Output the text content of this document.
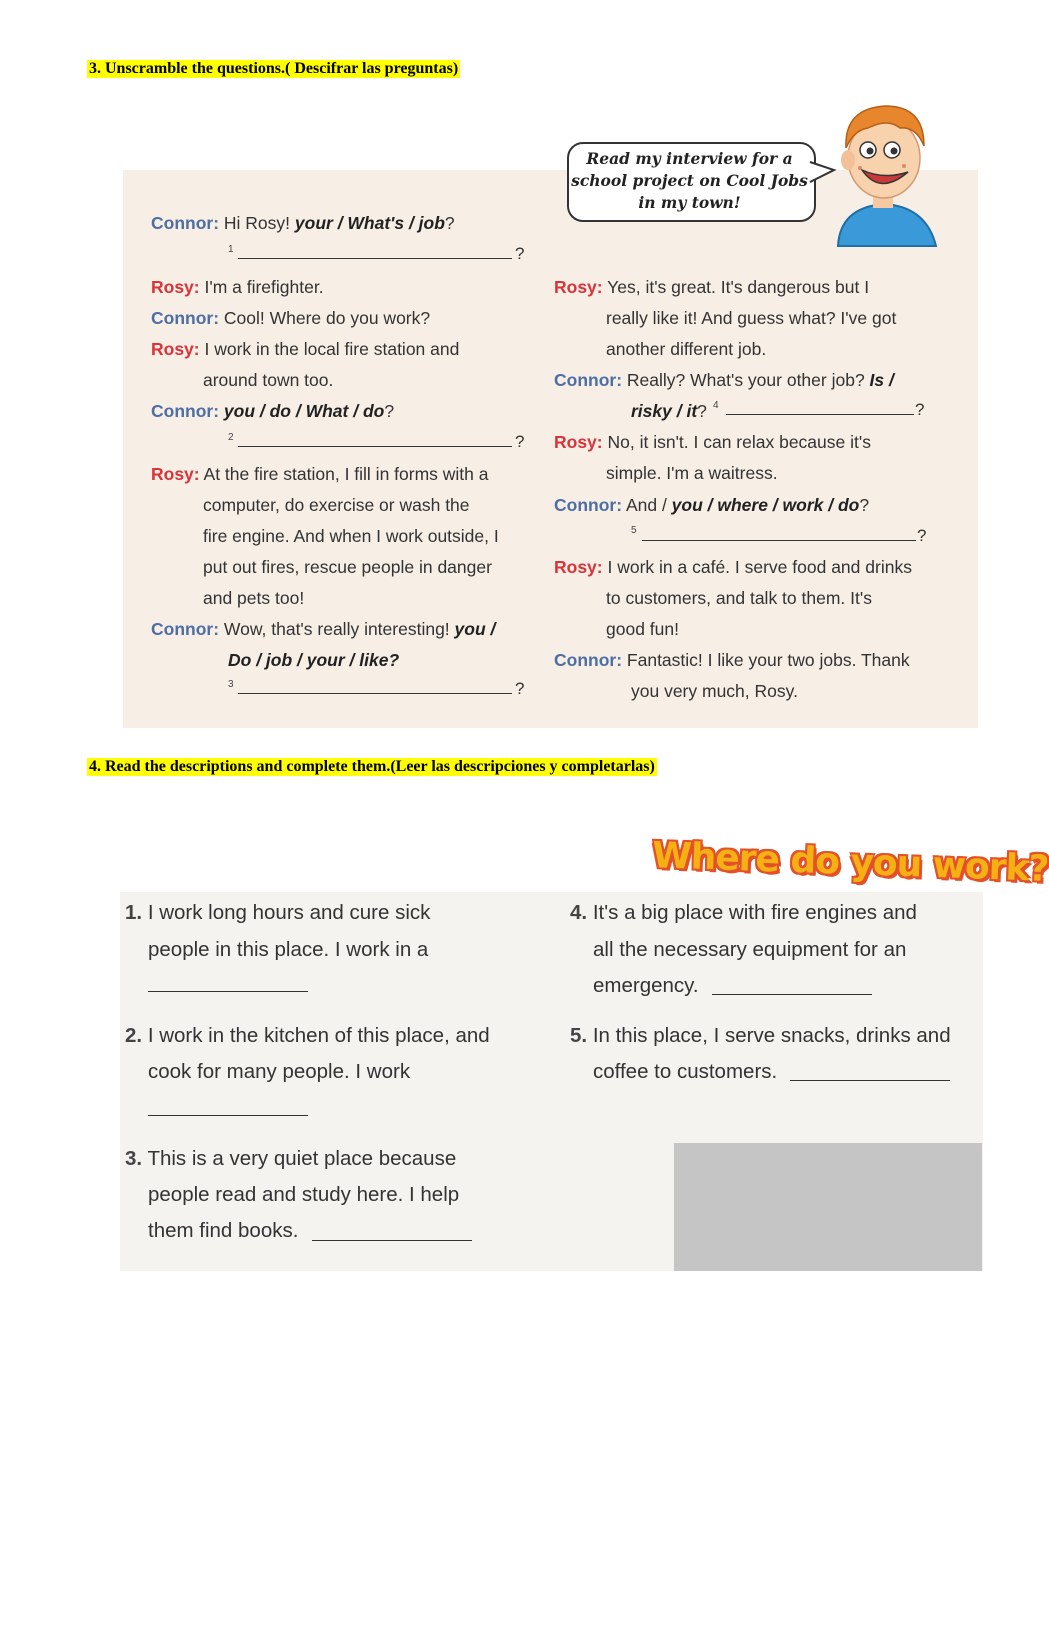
3. Unscramble the questions.( Descifrar las preguntas)
Read my interview for a
school project on Cool Jobs
in my town!
Connor: Hi Rosy! your / What's / job?
1	?
Rosy: I'm a firefighter.
Connor: Cool! Where do you work?
Rosy: I work in the local fire station and
around town too.
Connor: you / do / What / do?
2	?
Rosy: At the fire station, I fill in forms with a
computer, do exercise or wash the
fire engine. And when I work outside, I
put out fires, rescue people in danger
and pets too!
Connor: Wow, that's really interesting! you /
Do / job / your / like?
3	?
Rosy: Yes, it's great. It's dangerous but I
really like it! And guess what? I've got
another different job.
Connor: Really? What's your other job? Is /
risky / it? 4	?
Rosy: No, it isn't. I can relax because it's
simple. I'm a waitress.
Connor: And / you / where / work / do?
5	?
Rosy: I work in a café. I serve food and drinks
to customers, and talk to them. It's
good fun!
Connor: Fantastic! I like your two jobs. Thank
you very much, Rosy.
4. Read the descriptions and complete them.(Leer las descripciones y completarlas)
Where do you work?
1. I work long hours and cure sick
people in this place. I work in a
2. I work in the kitchen of this place, and
cook for many people. I work
3. This is a very quiet place because
people read and study here. I help
them find books.
4. It's a big place with fire engines and
all the necessary equipment for an
emergency.
5. In this place, I serve snacks, drinks and
coffee to customers.
